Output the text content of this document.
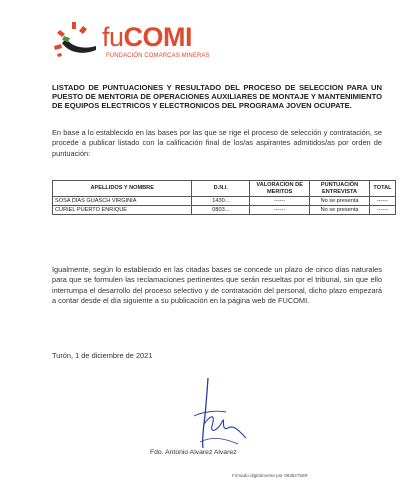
fuCOMI
FUNDACIÓN COMARCAS MINERAS
LISTADO DE PUNTUACIONES Y RESULTADO DEL PROCESO DE SELECCION PARA UN PUESTO DE MENTORIA DE OPERACIONES AUXILIARES DE MONTAJE Y MANTENIMIENTO DE EQUIPOS ELECTRICOS Y ELECTRONICOS DEL PROGRAMA JOVEN OCUPATE.
En base a lo establecido en las bases por las que se rige el proceso de selección y contratación, se procede a publicar listado con la calificación final de los/as aspirantes admitidos/as por orden de puntuación:
APELLIDOS Y NOMBRE	D.N.I.	VALORACION DE MERITOS	PUNTUACIÓN ENTREVISTA	TOTAL
SOSA DIAS GUASCH VIRGINIA	1430...	------	No se presenta	------
CURIEL PUERTO ENRIQUE	0803...	------	No se presenta	------
Igualmente, según lo establecido en las citadas bases se concede un plazo de cinco días naturales para que se formulen las reclamaciones pertinentes que serán resueltas por el tribunal, sin que ello interrumpa el desarrollo del proceso selectivo y de contratación del personal, dicho plazo empezará a contar desde el día siguiente a su publicación en la página web de FUCOMI.
Turón, 1 de diciembre de 2021
Fdo. Antonio Alvarez Alvarez
Firmado digitalmente por 09382756R
